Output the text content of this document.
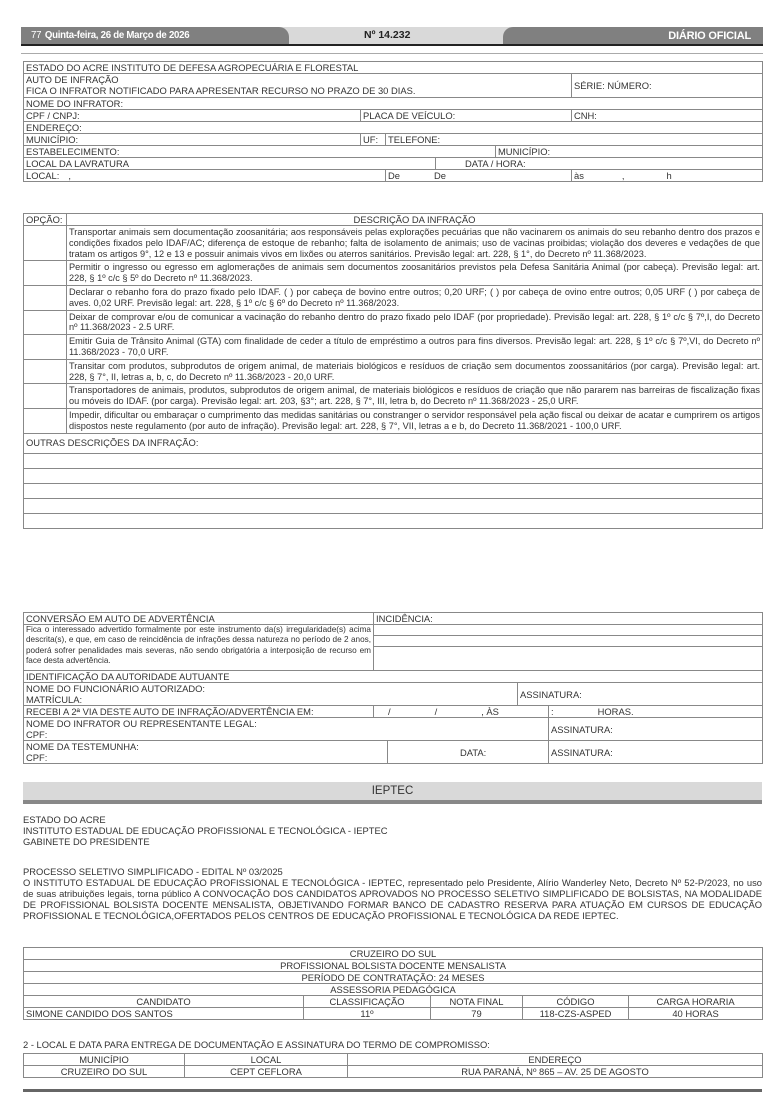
77 Quinta-feira, 26 de Março de 2026	Nº 14.232	DIÁRIO OFICIAL
ESTADO DO ACRE INSTITUTO DE DEFESA AGROPECUÁRIA E FLORESTAL					

AUTO DE INFRAÇÃO
FICA O INFRATOR NOTIFICADO PARA APRESENTAR RECURSO NO PRAZO DE 30 DIAS.					SÉRIE: NÚMERO:
NOME DO INFRATOR:					
CPF / CNPJ:	PLACA DE VEÍCULO:				CNH:
ENDEREÇO:					
MUNICÍPIO:	UF:	TELEFONE:			
ESTABELECIMENTO:				MUNICÍPIO:	
LOCAL DA LAVRATURA			DATA / HORA:		
LOCAL: ,		De De			às , h
OPÇÃO:	DESCRIÇÃO DA INFRAÇÃO
	Transportar animais sem documentação zoosanitária; aos responsáveis pelas explorações pecuárias que não vacinarem os animais do seu rebanho dentro dos prazos e condições fixados pelo IDAF/AC; diferença de estoque de rebanho; falta de isolamento de animais; uso de vacinas proibidas; violação dos deveres e vedações de que tratam os artigos 9°, 12 e 13 e possuir animais vivos em lixões ou aterros sanitários. Previsão legal: art. 228, § 1°, do Decreto nº 11.368/2023.
	Permitir o ingresso ou egresso em aglomerações de animais sem documentos zoosanitários previstos pela Defesa Sanitária Animal (por cabeça). Previsão legal: art. 228, § 1º c/c § 5º do Decreto nº 11.368/2023.
	Declarar o rebanho fora do prazo fixado pelo IDAF. ( ) por cabeça de bovino entre outros; 0,20 URF; ( ) por cabeça de ovino entre outros; 0,05 URF ( ) por cabeça de aves. 0,02 URF. Previsão legal: art. 228, § 1º c/c § 6º do Decreto nº 11.368/2023.
	Deixar de comprovar e/ou de comunicar a vacinação do rebanho dentro do prazo fixado pelo IDAF (por propriedade). Previsão legal: art. 228, § 1º c/c § 7º,I, do Decreto nº 11.368/2023 - 2.5 URF.
	Emitir Guia de Trânsito Animal (GTA) com finalidade de ceder a título de empréstimo a outros para fins diversos. Previsão legal: art. 228, § 1º c/c § 7º,VI, do Decreto nº 11.368/2023 - 70,0 URF.
	Transitar com produtos, subprodutos de origem animal, de materiais biológicos e resíduos de criação sem documentos zoossanitários (por carga). Previsão legal: art. 228, § 7°, II, letras a, b, c, do Decreto nº 11.368/2023 - 20,0 URF.
	Transportadores de animais, produtos, subprodutos de origem animal, de materiais biológicos e resíduos de criação que não pararem nas barreiras de fiscalização fixas ou móveis do IDAF. (por carga). Previsão legal: art. 203, §3°; art. 228, § 7°, III, letra b, do Decreto nº 11.368/2023 - 25,0 URF.
	Impedir, dificultar ou embaraçar o cumprimento das medidas sanitárias ou constranger o servidor responsável pela ação fiscal ou deixar de acatar e cumprirem os artigos dispostos neste regulamento (por auto de infração). Previsão legal: art. 228, § 7°, VII, letras a e b, do Decreto 11.368/2021 - 100,0 URF.
OUTRAS DESCRIÇÕES DA INFRAÇÃO:	

CONVERSÃO EM AUTO DE ADVERTÊNCIA	INCIDÊNCIA:			
Fica o interessado advertido formalmente por este instrumento da(s) irregularidade(s) acima descrita(s), e que, em caso de reincidência de infrações dessa natureza no período de 2 anos, poderá sofrer penalidades mais severas, não sendo obrigatória a interposição de recurso em face desta advertência.				

IDENTIFICAÇÃO DA AUTORIDADE AUTUANTE				

NOME DO FUNCIONÁRIO AUTORIZADO:
MATRÍCULA:			ASSINATURA:	
RECEBI A 2ª VIA DESTE AUTO DE INFRAÇÃO/ADVERTÊNCIA EM:	/ / , ÀS			: HORAS.

NOME DO INFRATOR OU REPRESENTANTE LEGAL:
CPF:				ASSINATURA:

NOME DA TESTEMUNHA:
CPF:		DATA:		ASSINATURA:
IEPTEC
ESTADO DO ACRE
INSTITUTO ESTADUAL DE EDUCAÇÃO PROFISSIONAL E TECNOLÓGICA - IEPTEC
GABINETE DO PRESIDENTE
PROCESSO SELETIVO SIMPLIFICADO - EDITAL Nº 03/2025
O INSTITUTO ESTADUAL DE EDUCAÇÃO PROFISSIONAL E TECNOLÓGICA - IEPTEC, representado pelo Presidente, Alírio Wanderley Neto, Decreto Nº 52-P/2023, no uso de suas atribuições legais, torna público A CONVOCAÇÃO DOS CANDIDATOS APROVADOS NO PROCESSO SELETIVO SIMPLIFICADO DE BOLSISTAS, NA MODALIDADE DE PROFISSIONAL BOLSISTA DOCENTE MENSALISTA, OBJETIVANDO FORMAR BANCO DE CADASTRO RESERVA PARA ATUAÇÃO EM CURSOS DE EDUCAÇÃO PROFISSIONAL E TECNOLÓGICA,OFERTADOS PELOS CENTROS DE EDUCAÇÃO PROFISSIONAL E TECNOLÓGICA DA REDE IEPTEC.
CRUZEIRO DO SUL				
PROFISSIONAL BOLSISTA DOCENTE MENSALISTA				
PERÍODO DE CONTRATAÇÃO: 24 MESES				
ASSESSORIA PEDAGÓGICA				
CANDIDATO	CLASSIFICAÇÃO	NOTA FINAL	CÓDIGO	CARGA HORARIA
SIMONE CANDIDO DOS SANTOS	11º	79	118-CZS-ASPED	40 HORAS
2 - LOCAL E DATA PARA ENTREGA DE DOCUMENTAÇÃO E ASSINATURA DO TERMO DE COMPROMISSO:
MUNICÍPIO	LOCAL	ENDEREÇO
CRUZEIRO DO SUL	CEPT CEFLORA	RUA PARANÁ, Nº 865 – AV. 25 DE AGOSTO
